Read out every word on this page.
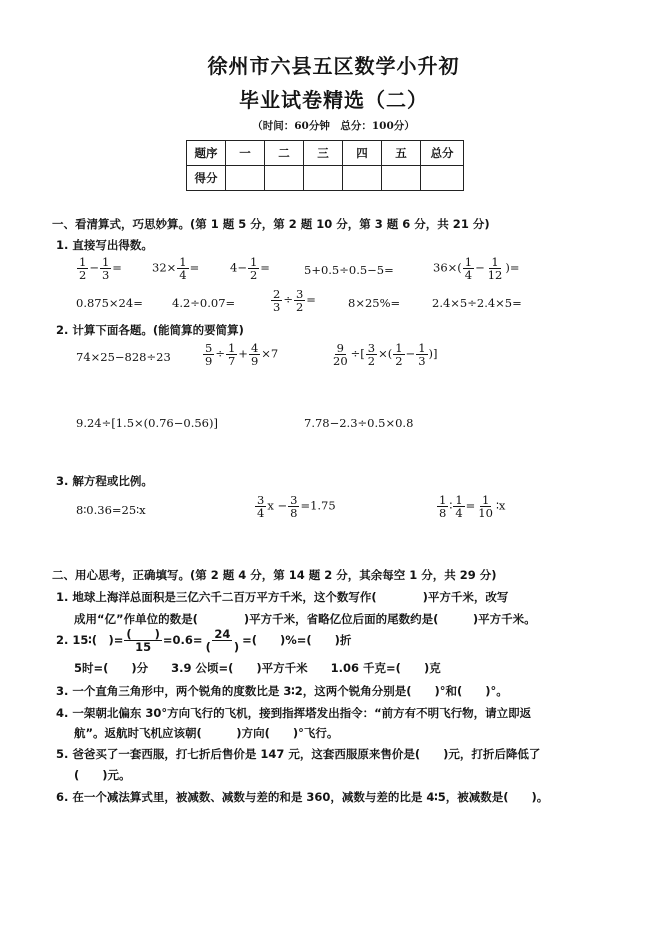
徐州市六县五区数学小升初
毕业试卷精选（二）
（时间：60分钟　总分：100分）
题序	一	二	三	四	五	总分
得分						
一、看清算式，巧思妙算。(第 1 题 5 分，第 2 题 10 分，第 3 题 6 分，共 21 分)
1. 直接写出得数。
$\frac{1}{2} - \frac{1}{3}$ =	$32\times \frac{1}{4}$ =	$4- \frac{1}{2}$ =	5+0.5÷0.5−5=	$36\times( \frac{1}{4} - \frac{1}{12}$ )=
0.875×24=	4.2÷0.07=	$\frac{2}{3} \div \frac{3}{2}$ =	8×25%=	2.4×5÷2.4×5=
2. 计算下面各题。(能简算的要简算)
74×25−828÷23	$\frac{5}{9} \div \frac{1}{7} + \frac{4}{9} \times 7$	$\frac{9}{20}$ ÷[ $\frac{3}{2}$ ×( $\frac{1}{2} - \frac{1}{3}$ )]
9.24÷[1.5×(0.76−0.56)]	7.78−2.3÷0.5×0.8
3. 解方程或比例。
8∶0.36=25∶x	$\frac{3}{4}$ $x - \frac{3}{8} =1.75$	$\frac{1}{8}$ ∶ $\frac{1}{4} = \frac{1}{10}$ ∶x
二、用心思考，正确填写。(第 2 题 4 分，第 14 题 2 分，其余每空 1 分，共 29 分)
1. 地球上海洋总面积是三亿六千二百万平方千米，这个数写作(　　　　)平方千米，改写
成用“亿”作单位的数是(　　　　)平方千米，省略亿位后面的尾数约是(　　　)平方千米。
2. 15∶(　)= $\frac{( )}{15} =0.6= \frac{24}{( )}$ =(　　)%=(　　)折
5时=(　　)分　　3.9 公顷=(　　)平方千米　　1.06 千克=(　　)克
3. 一个直角三角形中，两个锐角的度数比是 3∶2，这两个锐角分别是(　　)°和(　　)°。
4. 一架朝北偏东 30°方向飞行的飞机，接到指挥塔发出指令：“前方有不明飞行物，请立即返
航”。返航时飞机应该朝(　　　)方向(　　)°飞行。
5. 爸爸买了一套西服，打七折后售价是 147 元，这套西服原来售价是(　　)元，打折后降低了
(　　)元。
6. 在一个减法算式里，被减数、减数与差的和是 360，减数与差的比是 4∶5，被减数是(　　)。
